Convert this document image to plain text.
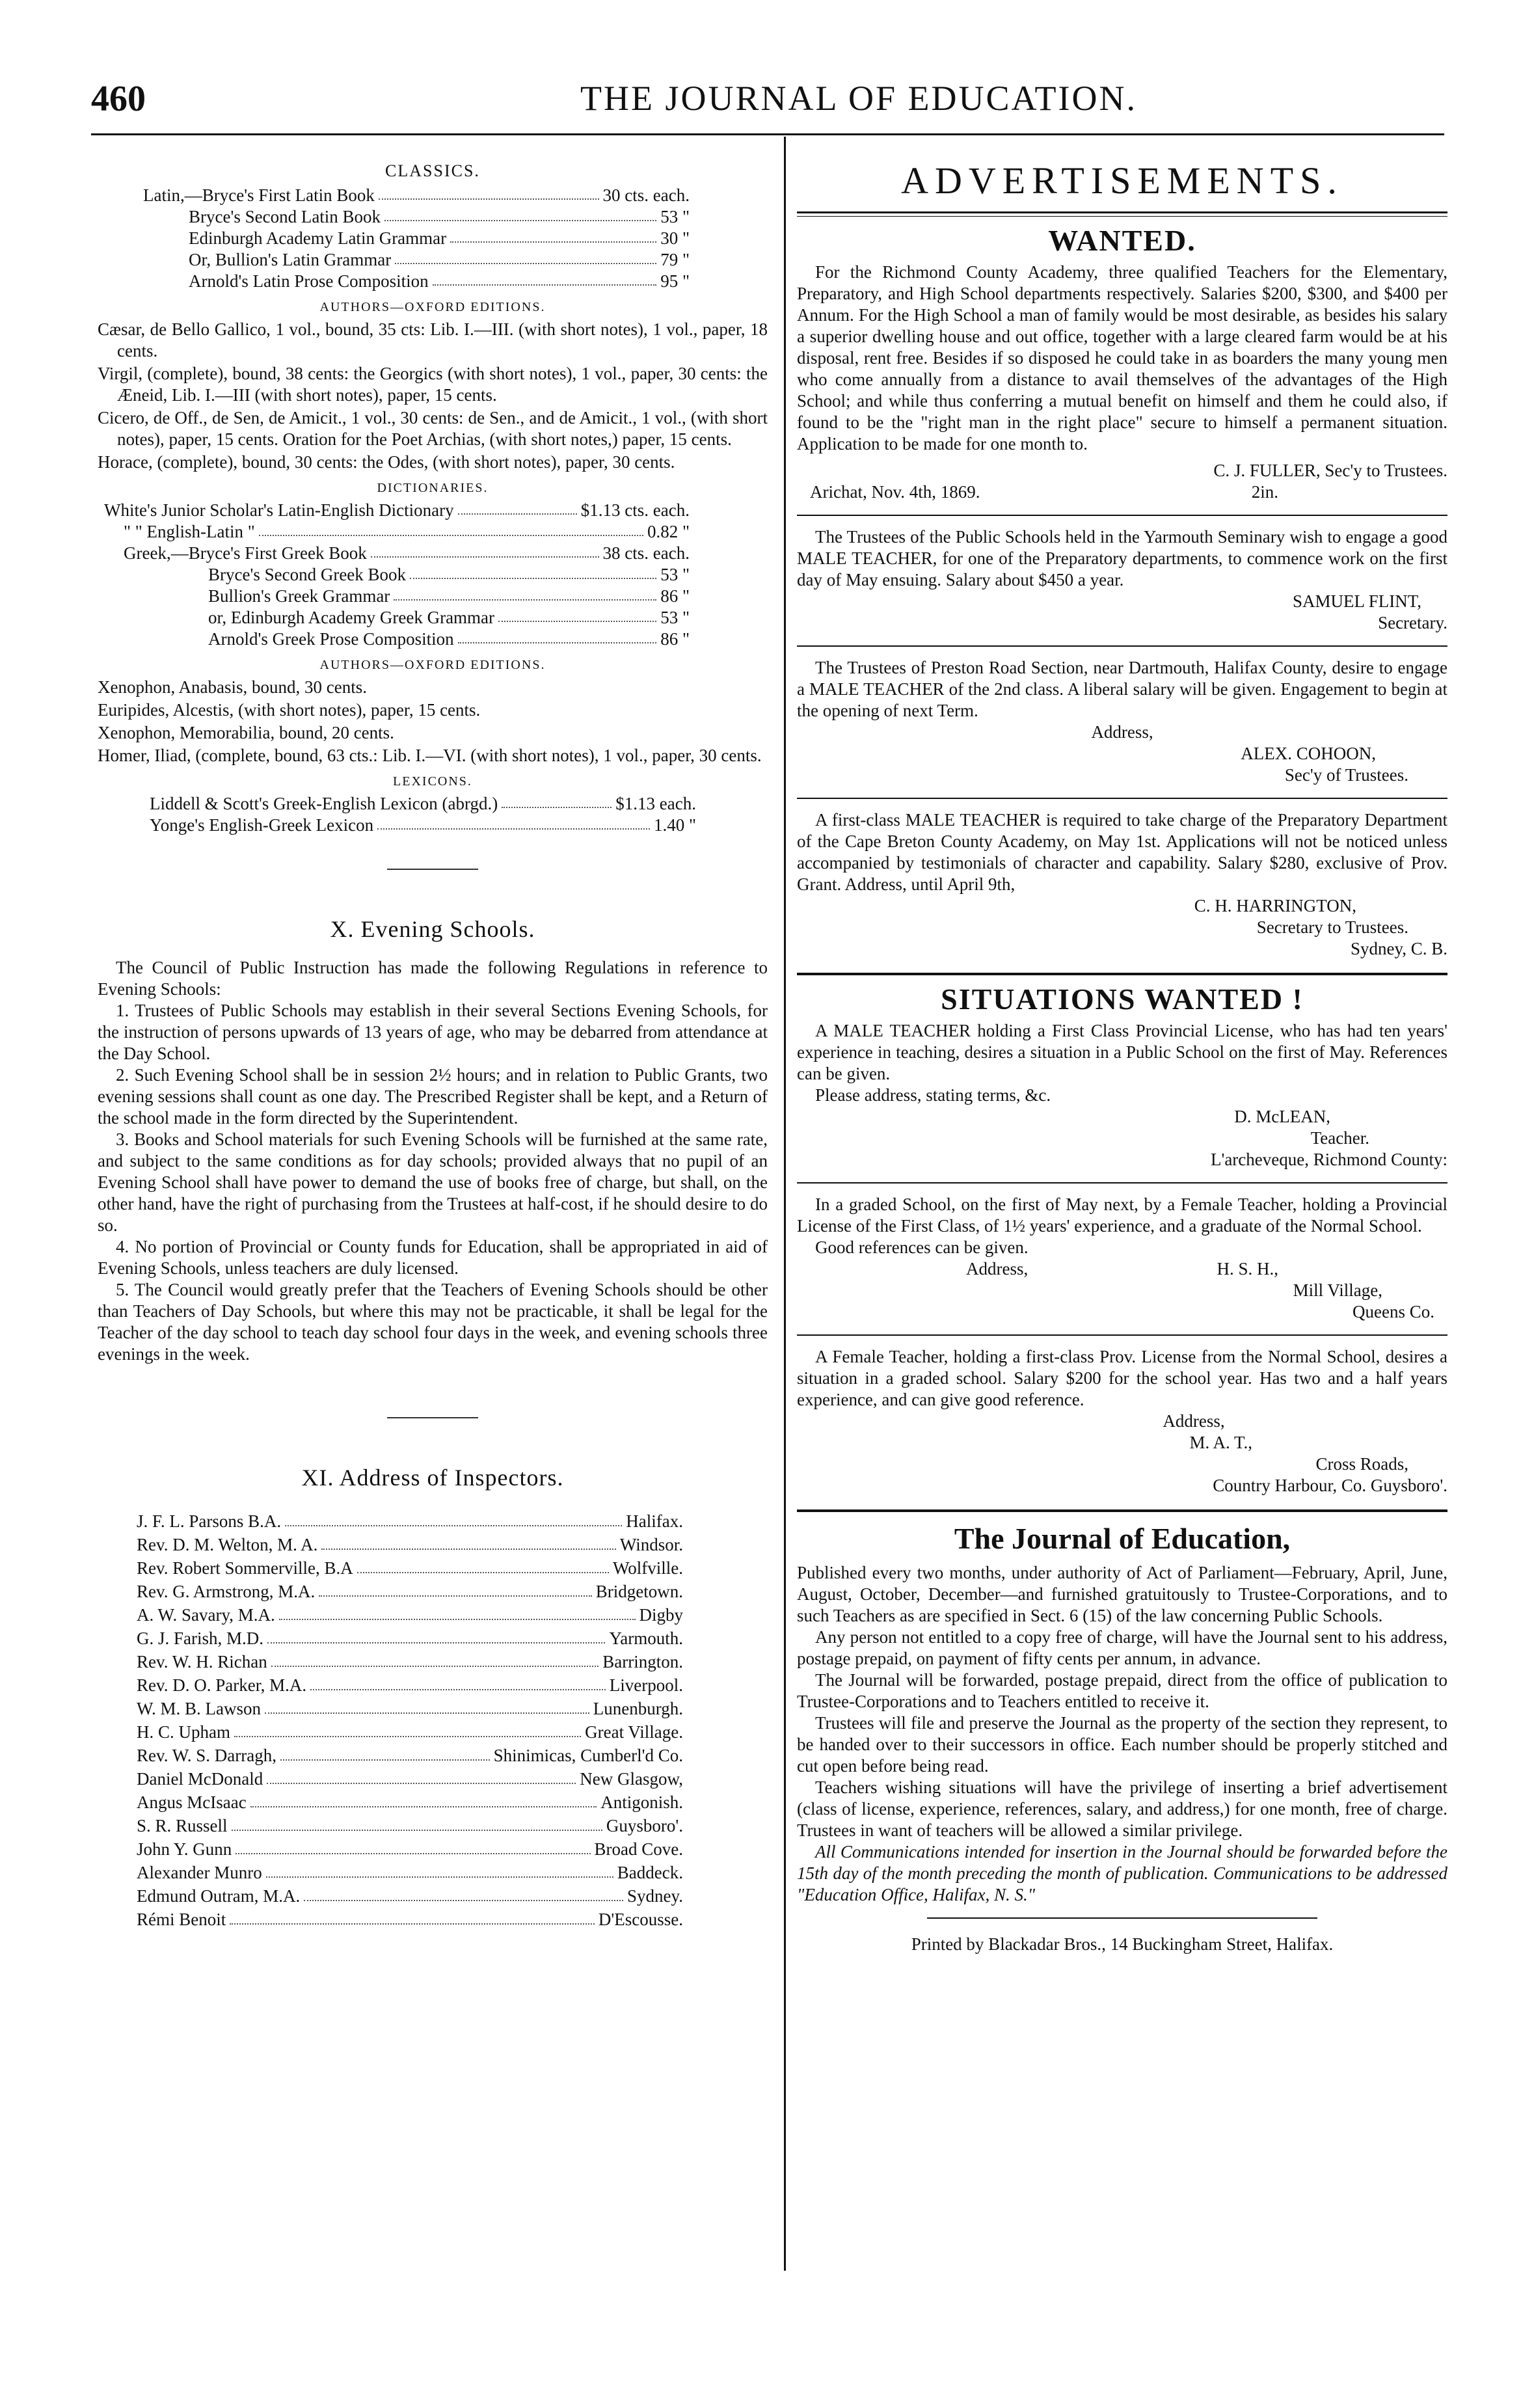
460	THE JOURNAL OF EDUCATION.
CLASSICS.
Latin,—Bryce's First Latin Book	30 cts. each.
Bryce's Second Latin Book	53 "
Edinburgh Academy Latin Grammar	30 "
Or, Bullion's Latin Grammar	79 "
Arnold's Latin Prose Composition	95 "
AUTHORS—OXFORD EDITIONS.

Cæsar, de Bello Gallico, 1 vol., bound, 35 cts: Lib. I.—III. (with short notes), 1 vol., paper, 18 cents.

Virgil, (complete), bound, 38 cents: the Georgics (with short notes), 1 vol., paper, 30 cents: the Æneid, Lib. I.—III (with short notes), paper, 15 cents.

Cicero, de Off., de Sen, de Amicit., 1 vol., 30 cents: de Sen., and de Amicit., 1 vol., (with short notes), paper, 15 cents. Oration for the Poet Archias, (with short notes,) paper, 15 cents.

Horace, (complete), bound, 30 cents: the Odes, (with short notes), paper, 30 cents.

DICTIONARIES.
White's Junior Scholar's Latin-English Dictionary	$1.13 cts. each.
" " English-Latin "	0.82 "
Greek,—Bryce's First Greek Book	38 cts. each.
Bryce's Second Greek Book	53 "
Bullion's Greek Grammar	86 "
or, Edinburgh Academy Greek Grammar	53 "
Arnold's Greek Prose Composition	86 "
AUTHORS—OXFORD EDITIONS.

Xenophon, Anabasis, bound, 30 cents.

Euripides, Alcestis, (with short notes), paper, 15 cents.

Xenophon, Memorabilia, bound, 20 cents.

Homer, Iliad, (complete, bound, 63 cts.: Lib. I.—VI. (with short notes), 1 vol., paper, 30 cents.

LEXICONS.
Liddell & Scott's Greek-English Lexicon (abrgd.)	$1.13 each.
Yonge's English-Greek Lexicon	1.40 "
X. Evening Schools.

The Council of Public Instruction has made the following Regulations in reference to Evening Schools:

1. Trustees of Public Schools may establish in their several Sections Evening Schools, for the instruction of persons upwards of 13 years of age, who may be debarred from attendance at the Day School.

2. Such Evening School shall be in session 2½ hours; and in relation to Public Grants, two evening sessions shall count as one day. The Prescribed Register shall be kept, and a Return of the school made in the form directed by the Superintendent.

3. Books and School materials for such Evening Schools will be furnished at the same rate, and subject to the same conditions as for day schools; provided always that no pupil of an Evening School shall have power to demand the use of books free of charge, but shall, on the other hand, have the right of purchasing from the Trustees at half-cost, if he should desire to do so.

4. No portion of Provincial or County funds for Education, shall be appropriated in aid of Evening Schools, unless teachers are duly licensed.

5. The Council would greatly prefer that the Teachers of Evening Schools should be other than Teachers of Day Schools, but where this may not be practicable, it shall be legal for the Teacher of the day school to teach day school four days in the week, and evening schools three evenings in the week.

XI. Address of Inspectors.
J. F. L. Parsons B.A.	Halifax.
Rev. D. M. Welton, M. A.	Windsor.
Rev. Robert Sommerville, B.A	Wolfville.
Rev. G. Armstrong, M.A.	Bridgetown.
A. W. Savary, M.A.	Digby
G. J. Farish, M.D.	Yarmouth.
Rev. W. H. Richan	Barrington.
Rev. D. O. Parker, M.A.	Liverpool.
W. M. B. Lawson	Lunenburgh.
H. C. Upham	Great Village.
Rev. W. S. Darragh,	Shinimicas, Cumberl'd Co.
Daniel McDonald	New Glasgow,
Angus McIsaac	Antigonish.
S. R. Russell	Guysboro'.
John Y. Gunn	Broad Cove.
Alexander Munro	Baddeck.
Edmund Outram, M.A.	Sydney.
Rémi Benoit	D'Escousse.
ADVERTISEMENTS.
WANTED.

For the Richmond County Academy, three qualified Teachers for the Elementary, Preparatory, and High School departments respectively. Salaries $200, $300, and $400 per Annum. For the High School a man of family would be most desirable, as besides his salary a superior dwelling house and out office, together with a large cleared farm would be at his disposal, rent free. Besides if so disposed he could take in as boarders the many young men who come annually from a distance to avail themselves of the advantages of the High School; and while thus conferring a mutual benefit on himself and them he could also, if found to be the "right man in the right place" secure to himself a permanent situation. Application to be made for one month to.

C. J. FULLER, Sec'y to Trustees.
Arichat, Nov. 4th, 1869.	2in.

The Trustees of the Public Schools held in the Yarmouth Seminary wish to engage a good MALE TEACHER, for one of the Preparatory departments, to commence work on the first day of May ensuing. Salary about $450 a year.

SAMUEL FLINT,
Secretary.

The Trustees of Preston Road Section, near Dartmouth, Halifax County, desire to engage a MALE TEACHER of the 2nd class. A liberal salary will be given. Engagement to begin at the opening of next Term.

Address,
ALEX. COHOON,
Sec'y of Trustees.

A first-class MALE TEACHER is required to take charge of the Preparatory Department of the Cape Breton County Academy, on May 1st. Applications will not be noticed unless accompanied by testimonials of character and capability. Salary $280, exclusive of Prov. Grant. Address, until April 9th,

C. H. HARRINGTON,
Secretary to Trustees.
Sydney, C. B.
SITUATIONS WANTED !

A MALE TEACHER holding a First Class Provincial License, who has had ten years' experience in teaching, desires a situation in a Public School on the first of May. References can be given.

Please address, stating terms, &c.
D. McLEAN,
Teacher.
L'archeveque, Richmond County:

In a graded School, on the first of May next, by a Female Teacher, holding a Provincial License of the First Class, of 1½ years' experience, and a graduate of the Normal School.

Good references can be given.
Address,	H. S. H.,
Mill Village,
Queens Co.

A Female Teacher, holding a first-class Prov. License from the Normal School, desires a situation in a graded school. Salary $200 for the school year. Has two and a half years experience, and can give good reference.

Address,
M. A. T.,
Cross Roads,
Country Harbour, Co. Guysboro'.
The Journal of Education,

Published every two months, under authority of Act of Parliament—February, April, June, August, October, December—and furnished gratuitously to Trustee-Corporations, and to such Teachers as are specified in Sect. 6 (15) of the law concerning Public Schools.

Any person not entitled to a copy free of charge, will have the Journal sent to his address, postage prepaid, on payment of fifty cents per annum, in advance.

The Journal will be forwarded, postage prepaid, direct from the office of publication to Trustee-Corporations and to Teachers entitled to receive it.

Trustees will file and preserve the Journal as the property of the section they represent, to be handed over to their successors in office. Each number should be properly stitched and cut open before being read.

Teachers wishing situations will have the privilege of inserting a brief advertisement (class of license, experience, references, salary, and address,) for one month, free of charge. Trustees in want of teachers will be allowed a similar privilege.

All Communications intended for insertion in the Journal should be forwarded before the 15th day of the month preceding the month of publication. Communications to be addressed "Education Office, Halifax, N. S."

Printed by Blackadar Bros., 14 Buckingham Street, Halifax.
